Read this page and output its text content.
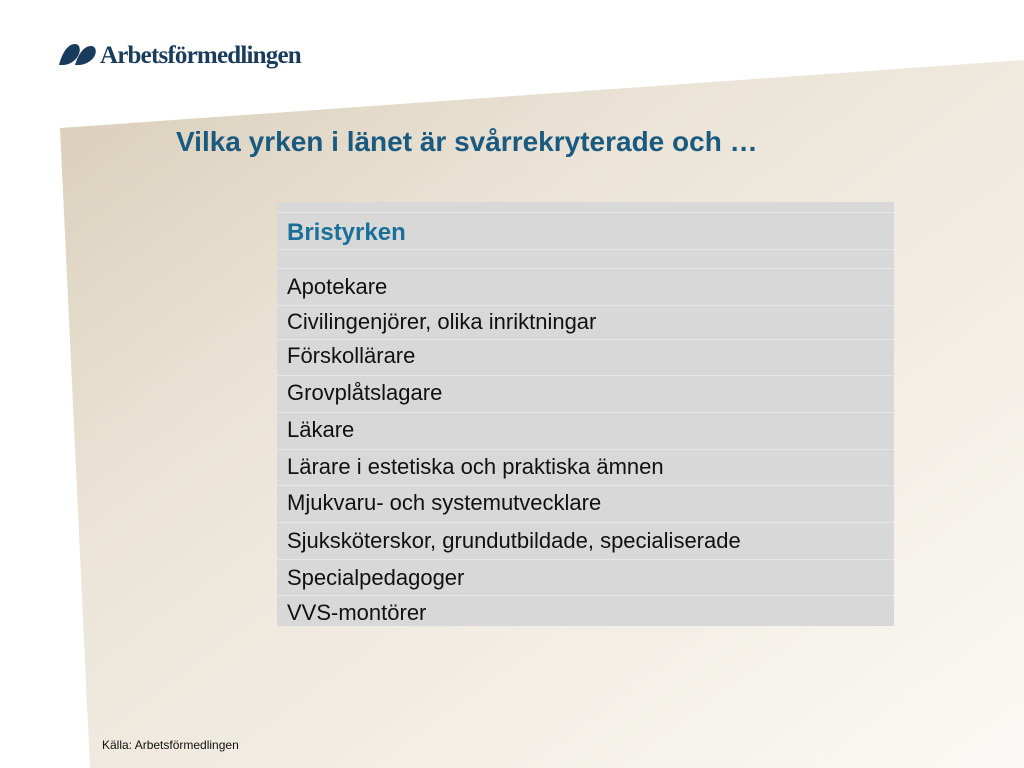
Arbetsförmedlingen
Vilka yrken i länet är svårrekryterade och …
Bristyrken
Apotekare
Civilingenjörer, olika inriktningar
Förskollärare
Grovplåtslagare
Läkare
Lärare i estetiska och praktiska ämnen
Mjukvaru- och systemutvecklare
Sjuksköterskor, grundutbildade, specialiserade
Specialpedagoger
VVS-montörer
Källa: Arbetsförmedlingen
